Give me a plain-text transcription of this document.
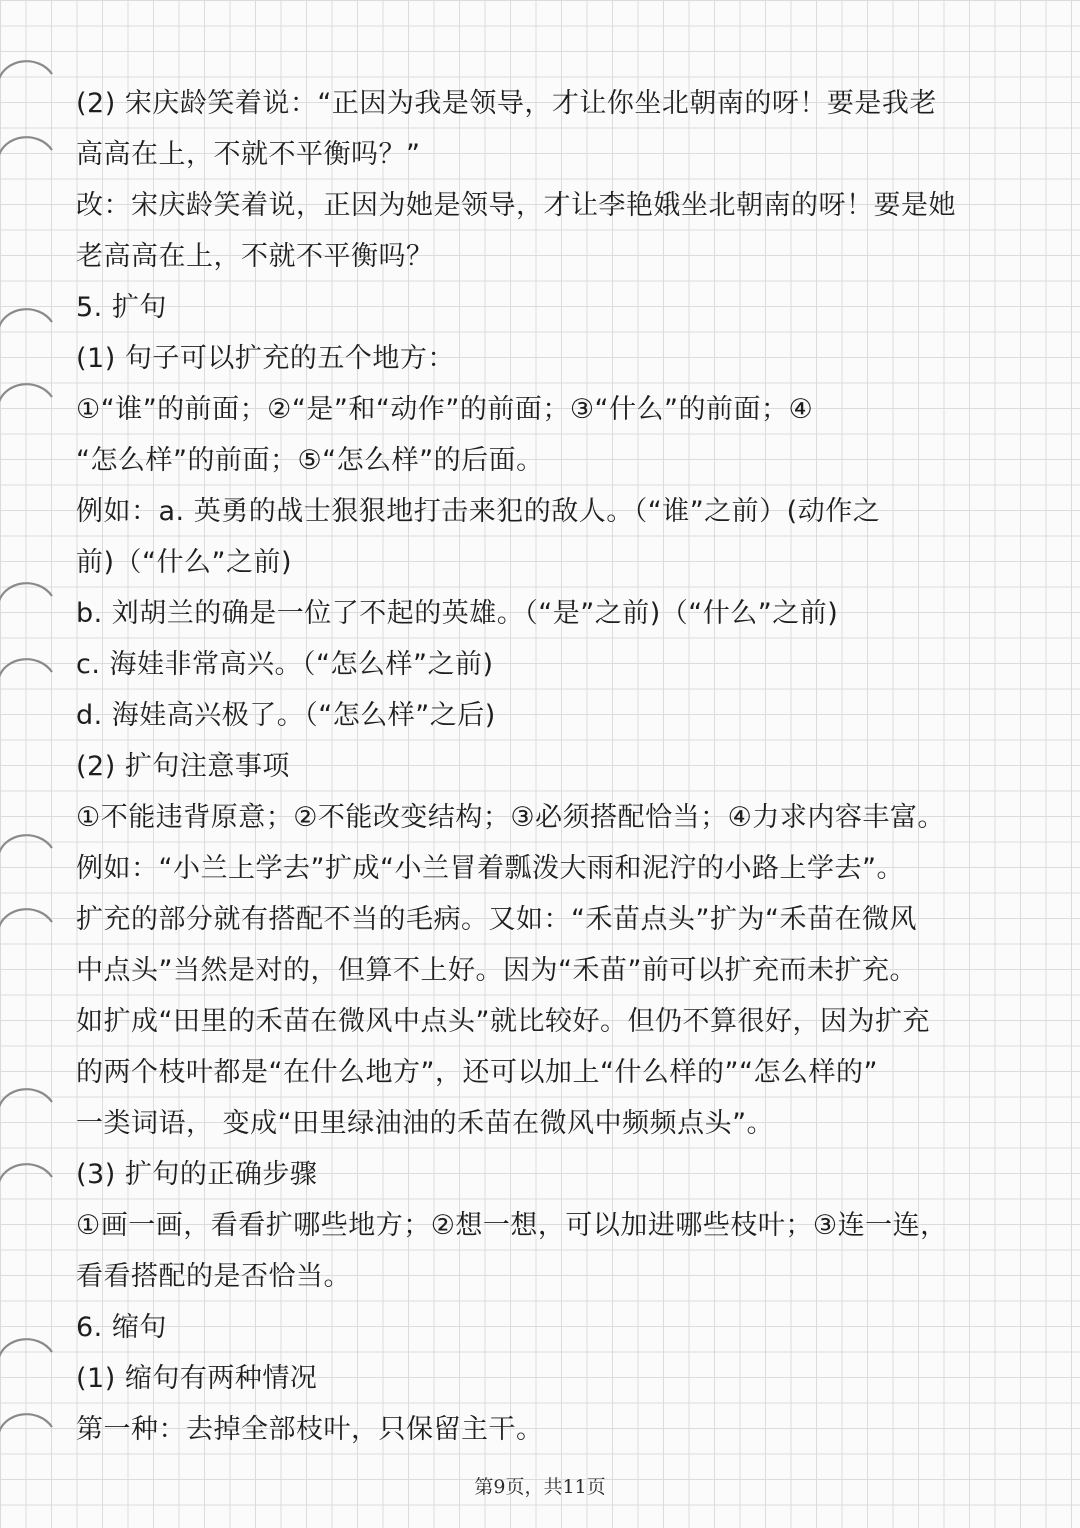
(2) 宋庆龄笑着说：“正因为我是领导，才让你坐北朝南的呀！要是我老
高高在上，不就不平衡吗？”
改：宋庆龄笑着说，正因为她是领导，才让李艳娥坐北朝南的呀！要是她
老高高在上，不就不平衡吗？
5. 扩句
(1) 句子可以扩充的五个地方：
①“谁”的前面；②“是”和“动作”的前面；③“什么”的前面；④
“怎么样”的前面；⑤“怎么样”的后面。
例如：a. 英勇的战士狠狠地打击来犯的敌人。（“谁”之前）(动作之
前)（“什么”之前)
b. 刘胡兰的确是一位了不起的英雄。（“是”之前)（“什么”之前)
c. 海娃非常高兴。（“怎么样”之前)
d. 海娃高兴极了。（“怎么样”之后)
(2) 扩句注意事项
①不能违背原意；②不能改变结构；③必须搭配恰当；④力求内容丰富。
例如：“小兰上学去”扩成“小兰冒着瓢泼大雨和泥泞的小路上学去”。
扩充的部分就有搭配不当的毛病。又如：“禾苗点头”扩为“禾苗在微风
中点头”当然是对的，但算不上好。因为“禾苗”前可以扩充而未扩充。
如扩成“田里的禾苗在微风中点头”就比较好。但仍不算很好，因为扩充
的两个枝叶都是“在什么地方”，还可以加上“什么样的”“怎么样的”
一类词语， 变成“田里绿油油的禾苗在微风中频频点头”。
(3) 扩句的正确步骤
①画一画，看看扩哪些地方；②想一想，可以加进哪些枝叶；③连一连，
看看搭配的是否恰当。
6. 缩句
(1) 缩句有两种情况
第一种：去掉全部枝叶，只保留主干。
第9页，共11页
